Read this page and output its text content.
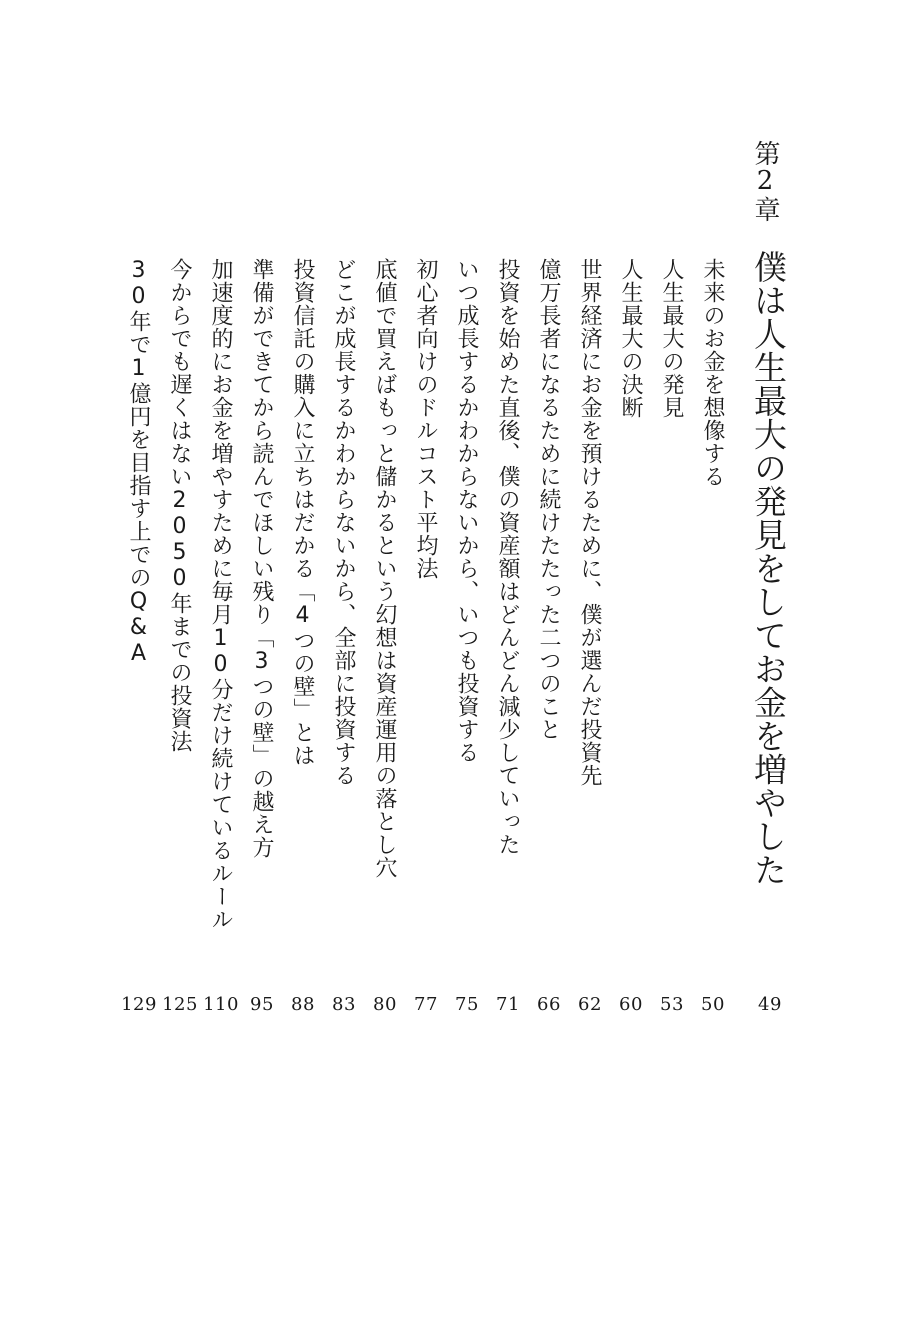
第2章
僕は人生最大の発見をしてお金を増やした
49
未来のお金を想像する
50
人生最大の発見
53
人生最大の決断
60
世界経済にお金を預けるために、僕が選んだ投資先
62
億万長者になるために続けたたった二つのこと
66
投資を始めた直後、僕の資産額はどんどん減少していった
71
いつ成長するかわからないから、いつも投資する
75
初心者向けのドルコスト平均法
77
底値で買えばもっと儲かるという幻想は資産運用の落とし穴
80
どこが成長するかわからないから、全部に投資する
83
投資信託の購入に立ちはだかる「4つの壁」とは
88
準備ができてから読んでほしい残り「3つの壁」の越え方
95
加速度的にお金を増やすために毎月10分だけ続けているルール
110
今からでも遅くはない2050年までの投資法
125
30年で1億円を目指す上でのQ&A
129
